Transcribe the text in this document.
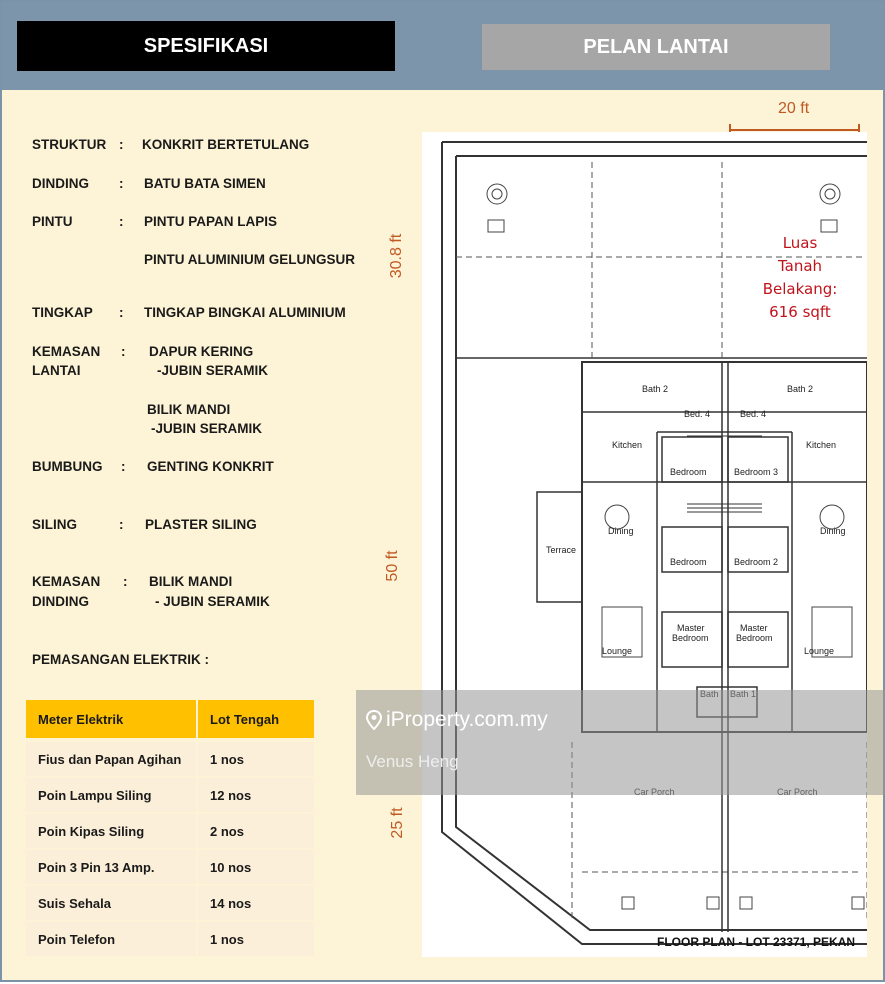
SPESIFIKASI	PELAN LANTAI
STRUKTUR : KONKRIT BERTETULANG
DINDING : BATU BATA SIMEN
PINTU	: PINTU PAPAN LAPIS
PINTU ALUMINIUM GELUNGSUR
TINGKAP : TINGKAP BINGKAI ALUMINIUM
KEMASAN
LANTAI
: DAPUR KERING
-JUBIN SERAMIK
BILIK MANDI
-JUBIN SERAMIK
BUMBUNG : GENTING KONKRIT
SILING	: PLASTER SILING
KEMASAN
DINDING
: BILIK MANDI
- JUBIN SERAMIK
PEMASANGAN ELEKTRIK :
Meter Elektrik	Lot Tengah
Fius dan Papan Agihan	1 nos
Poin Lampu Siling	12 nos
Poin Kipas Siling	2 nos
Poin 3 Pin 13 Amp.	10 nos
Suis Sehala	14 nos
Poin Telefon	1 nos
20 ft
30.8 ft
50 ft
25 ft
Bath 2	Bath 2
Bed. 4	Bed. 4
Kitchen	Kitchen
Bedroom	Bedroom 3
Dining	Dining
Terrace
Bedroom	Bedroom 2
Master
Bedroom
Master
Bedroom
Lounge	Lounge
FLOOR PLAN - LOT 23371, PEKAN
Luas
Tanah
Belakang:
616 sqft
iProperty.com.my
Venus Heng
